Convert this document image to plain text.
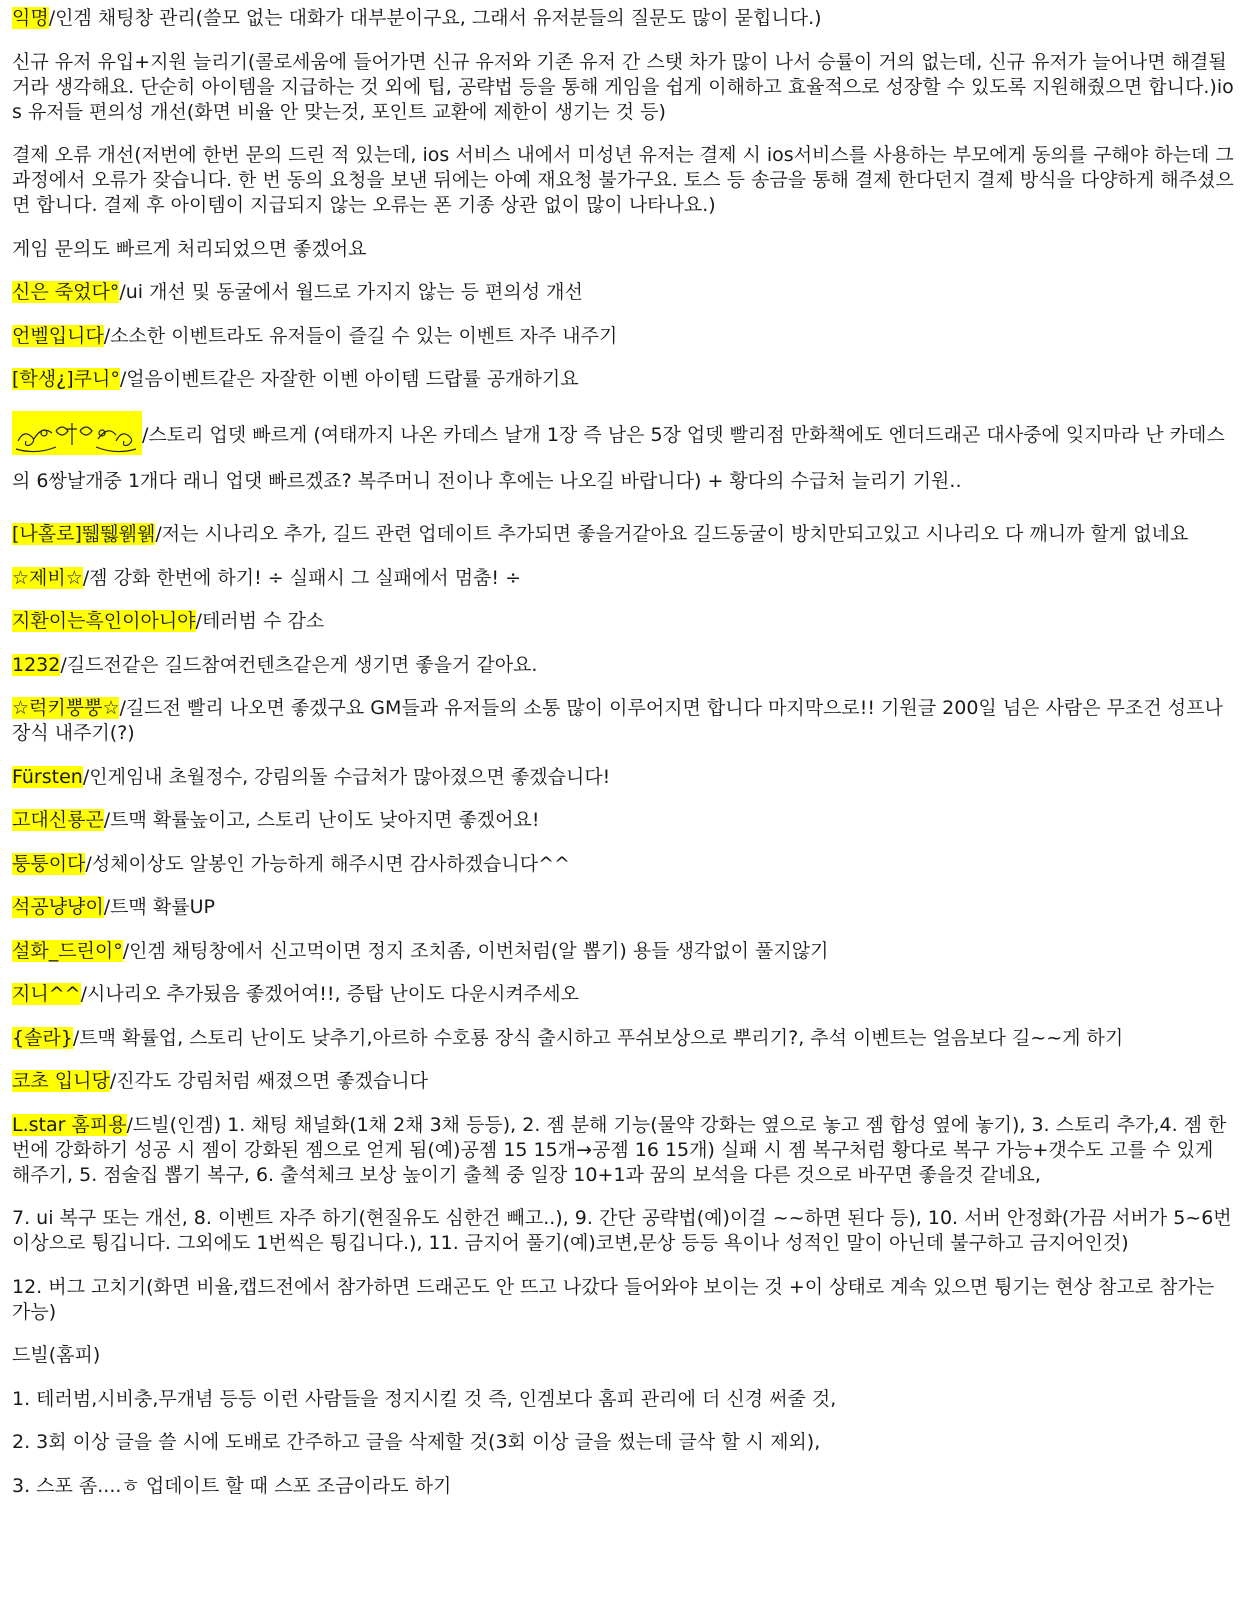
익명/인겜 채팅창 관리(쓸모 없는 대화가 대부분이구요, 그래서 유저분들의 질문도 많이 묻힙니다.)

신규 유저 유입+지원 늘리기(콜로세움에 들어가면 신규 유저와 기존 유저 간 스탯 차가 많이 나서 승률이 거의 없는데, 신규 유저가 늘어나면 해결될 거라 생각해요. 단순히 아이템을 지급하는 것 외에 팁, 공략법 등을 통해 게임을 쉽게 이해하고 효율적으로 성장할 수 있도록 지원해줬으면 합니다.)ios 유저들 편의성 개선(화면 비율 안 맞는것, 포인트 교환에 제한이 생기는 것 등)

결제 오류 개선(저번에 한번 문의 드린 적 있는데, ios 서비스 내에서 미성년 유저는 결제 시 ios서비스를 사용하는 부모에게 동의를 구해야 하는데 그 과정에서 오류가 잦습니다. 한 번 동의 요청을 보낸 뒤에는 아예 재요청 불가구요. 토스 등 송금을 통해 결제 한다던지 결제 방식을 다양하게 해주셨으면 합니다. 결제 후 아이템이 지급되지 않는 오류는 폰 기종 상관 없이 많이 나타나요.)

게임 문의도 빠르게 처리되었으면 좋겠어요

신은 죽었다°/ui 개선 및 동굴에서 월드로 가지지 않는 등 편의성 개선

언벨입니다/소소한 이벤트라도 유저들이 즐길 수 있는 이벤트 자주 내주기

[학생¿]쿠니°/얼음이벤트같은 자잘한 이벤 아이템 드랍률 공개하기요

/스토리 업뎃 빠르게 (여태까지 나온 카데스 날개 1장 즉 남은 5장 업뎃 빨리점 만화책에도 엔더드래곤 대사중에 잊지마라 난 카데스의 6쌍날개중 1개다 래니 업댓 빠르겠죠? 복주머니 전이나 후에는 나오길 바랍니다) + 황다의 수급처 늘리기 기원..

[나홀로]뛟뛣웱웱/저는 시나리오 추가, 길드 관련 업데이트 추가되면 좋을거같아요 길드동굴이 방치만되고있고 시나리오 다 깨니까 할게 없네요

☆제비☆/젬 강화 한번에 하기! ÷ 실패시 그 실패에서 멈춤! ÷

지환이는흑인이아니야/테러범 수 감소

1232/길드전같은 길드참여컨텐츠같은게 생기면 좋을거 같아요.

☆럭키뿡뿡☆/길드전 빨리 나오면 좋겠구요 GM들과 유저들의 소통 많이 이루어지면 합니다 마지막으로!! 기원글 200일 넘은 사람은 무조건 성프나 장식 내주기(?)

Fürsten/인게임내 초월정수, 강림의돌 수급처가 많아졌으면 좋겠습니다!

고대신룡곤/트맥 확률높이고, 스토리 난이도 낮아지면 좋겠어요!

퉁퉁이다/성체이상도 알봉인 가능하게 해주시면 감사하겠습니다^^

석공냥냥이/트맥 확률UP

설화_드린이°/인겜 채팅창에서 신고먹이면 정지 조치좀, 이번처럼(알 뽑기) 용들 생각없이 풀지않기

지니^^/시나리오 추가됬음 좋겠어여!!, 증탑 난이도 다운시켜주세오

{솔라}/트맥 확률업, 스토리 난이도 낮추기,아르하 수호룡 장식 출시하고 푸쉬보상으로 뿌리기?, 추석 이벤트는 얼음보다 길~~게 하기

코초 입니당/진각도 강림처럼 쌔졌으면 좋겠습니다

L.star 홈피용/드빌(인겜) 1. 채팅 채널화(1채 2채 3채 등등), 2. 젬 분해 기능(물약 강화는 옆으로 놓고 젬 합성 옆에 놓기), 3. 스토리 추가,4. 젬 한 번에 강화하기 성공 시 젬이 강화된 젬으로 얻게 됨(예)공젬 15 15개→공젬 16 15개) 실패 시 젬 복구처럼 황다로 복구 가능+갯수도 고를 수 있게 해주기, 5. 점술집 뽑기 복구, 6. 출석체크 보상 높이기 출첵 중 일장 10+1과 꿈의 보석을 다른 것으로 바꾸면 좋을것 같네요,

7. ui 복구 또는 개선, 8. 이벤트 자주 하기(현질유도 심한건 빼고..), 9. 간단 공략법(예)이걸 ~~하면 된다 등), 10. 서버 안정화(가끔 서버가 5~6번 이상으로 튕깁니다. 그외에도 1번씩은 튕깁니다.), 11. 금지어 풀기(예)코변,문상 등등 욕이나 성적인 말이 아닌데 불구하고 금지어인것)

12. 버그 고치기(화면 비율,캡드전에서 참가하면 드래곤도 안 뜨고 나갔다 들어와야 보이는 것 +이 상태로 계속 있으면 튕기는 현상 참고로 참가는 가능)

드빌(홈피)

1. 테러범,시비충,무개념 등등 이런 사람들을 정지시킬 것 즉, 인겜보다 홈피 관리에 더 신경 써줄 것,

2. 3회 이상 글을 쓸 시에 도배로 간주하고 글을 삭제할 것(3회 이상 글을 썼는데 글삭 할 시 제외),

3. 스포 좀....ㅎ 업데이트 할 때 스포 조금이라도 하기
